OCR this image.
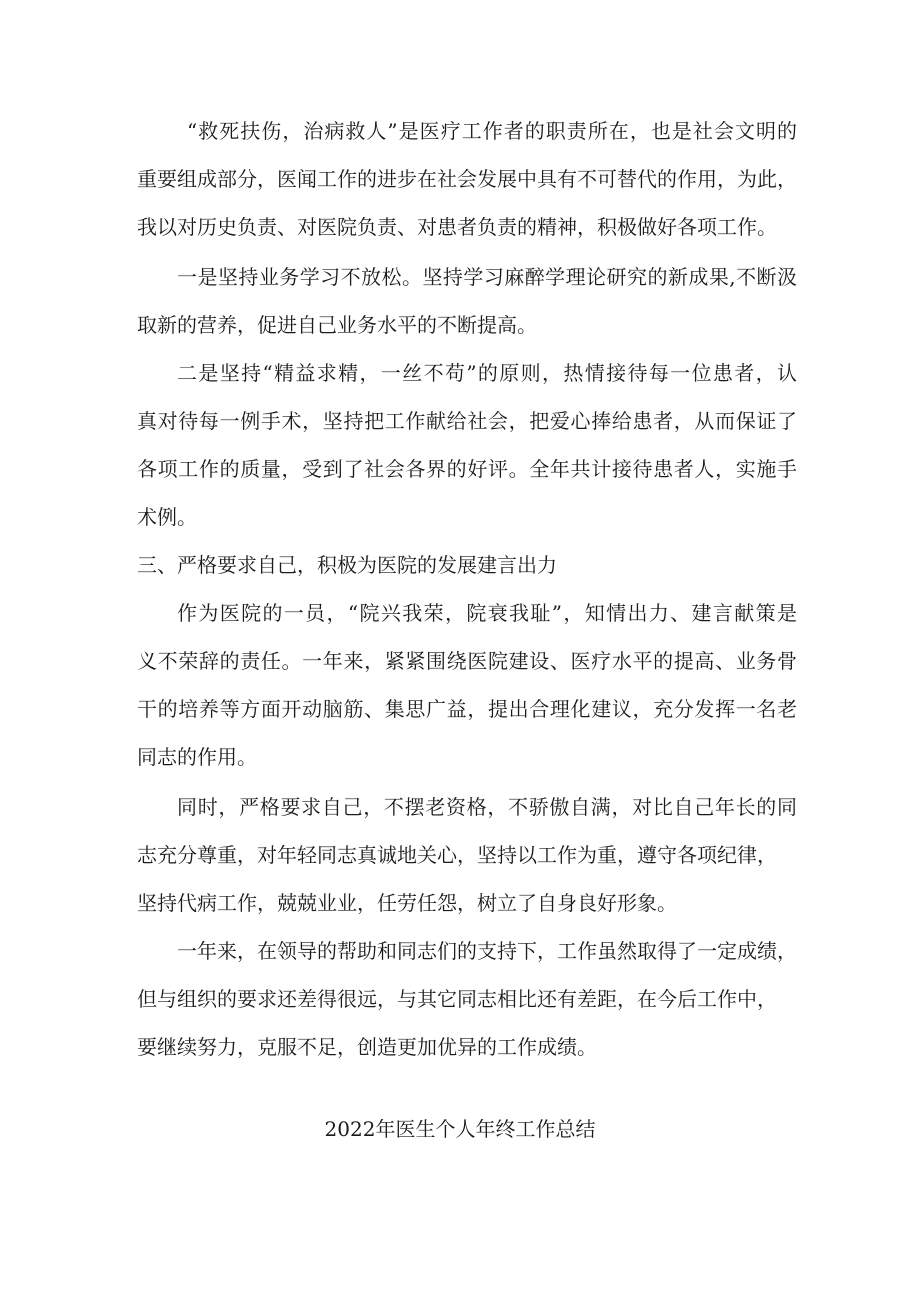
“救死扶伤，治病救人”是医疗工作者的职责所在，也是社会文明的
重要组成部分，医闻工作的进步在社会发展中具有不可替代的作用，为此，
我以对历史负责、对医院负责、对患者负责的精神，积极做好各项工作。
一是坚持业务学习不放松。坚持学习麻醉学理论研究的新成果,不断汲
取新的营养，促进自己业务水平的不断提高。
二是坚持“精益求精，一丝不苟”的原则，热情接待每一位患者，认
真对待每一例手术，坚持把工作献给社会，把爱心捧给患者，从而保证了
各项工作的质量，受到了社会各界的好评。全年共计接待患者人，实施手
术例。
三、严格要求自己，积极为医院的发展建言出力
作为医院的一员，“院兴我荣，院衰我耻”，知情出力、建言献策是
义不荣辞的责任。一年来，紧紧围绕医院建设、医疗水平的提高、业务骨
干的培养等方面开动脑筋、集思广益，提出合理化建议，充分发挥一名老
同志的作用。
同时，严格要求自己，不摆老资格，不骄傲自满，对比自己年长的同
志充分尊重，对年轻同志真诚地关心，坚持以工作为重，遵守各项纪律，
坚持代病工作，兢兢业业，任劳任怨，树立了自身良好形象。
一年来，在领导的帮助和同志们的支持下，工作虽然取得了一定成绩，
但与组织的要求还差得很远，与其它同志相比还有差距，在今后工作中，
要继续努力，克服不足，创造更加优异的工作成绩。
2022年医生个人年终工作总结
